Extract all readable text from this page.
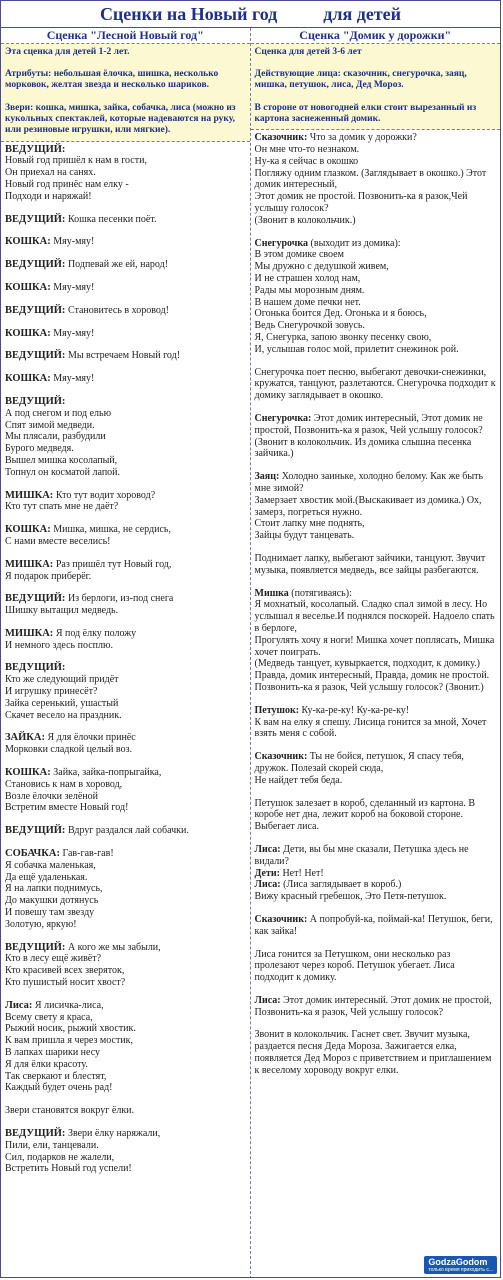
Сценки на Новый год	для детей
Сценка "Лесной Новый год"

Эта сценка для детей 1-2 лет.

Атрибуты: небольшая ёлочка, шишка, несколько морковок, желтая звезда и несколько шариков.

Звери: кошка, мишка, зайка, собачка, лиса (можно из кукольных спектаклей, которые надеваются на руку, или резиновые игрушки, или мягкие).

ВЕДУЩИЙ:
Новый год пришёл к нам в гости,
Он приехал на санях.
Новый год принёс нам елку -
Подходи и наряжай!
ВЕДУЩИЙ: Кошка песенки поёт.
КОШКА: Мяу-мяу!
ВЕДУЩИЙ: Подпевай же ей, народ!
КОШКА: Мяу-мяу!
ВЕДУЩИЙ: Становитесь в хоровод!
КОШКА: Мяу-мяу!
ВЕДУЩИЙ: Мы встречаем Новый год!
КОШКА: Мяу-мяу!
ВЕДУЩИЙ:
А под снегом и под елью
Спят зимой медведи.
Мы плясали, разбудили
Бурого медведя.
Вышел мишка косолапый,
Топнул он косматой лапой.
МИШКА: Кто тут водит хоровод?
Кто тут спать мне не даёт?
КОШКА: Мишка, мишка, не сердись,
С нами вместе веселись!
МИШКА: Раз пришёл тут Новый год,
Я подарок приберёг.
ВЕДУЩИЙ: Из берлоги, из-под снега
Шишку вытащил медведь.
МИШКА: Я под ёлку положу
И немного здесь посплю.
ВЕДУЩИЙ:
Кто же следующий придёт
И игрушку принесёт?
Зайка серенький, ушастый
Скачет весело на праздник.
ЗАЙКА: Я для ёлочки принёс
Морковки сладкой целый воз.
КОШКА: Зайка, зайка-попрыгайка,
Становись к нам в хоровод,
Возле ёлочки зелёной
Встретим вместе Новый год!
ВЕДУЩИЙ: Вдруг раздался лай собачки.
СОБАЧКА: Гав-гав-гав!
Я собачка маленькая,
Да ещё удаленькая.
Я на лапки поднимусь,
До макушки дотянусь
И повешу там звезду
Золотую, яркую!
ВЕДУЩИЙ: А кого же мы забыли,
Кто в лесу ещё живёт?
Кто красивей всех зверяток,
Кто пушистый носит хвост?
Лиса: Я лисичка-лиса,
Всему свету я краса,
Рыжий носик, рыжий хвостик.
К вам пришла я через мостик,
В лапках шарики несу
Я для ёлки красоту.
Так сверкают и блестят,
Каждый будет очень рад!
Звери становятся вокруг ёлки.
ВЕДУЩИЙ: Звери ёлку наряжали,
Пили, ели, танцевали.
Сил, подарков не жалели,
Встретить Новый год успели!
Сценка "Домик у дорожки"

Сценка для детей 3-6 лет

Действующие лица: сказочник, снегурочка, заяц, мишка, петушок, лиса, Дед Мороз.

В стороне от новогодней елки стоит вырезанный из картона заснеженный домик.

Сказочник: Что за домик у дорожки?
Он мне что-то незнаком.
Ну-ка я сейчас в окошко
Погляжу одним глазком. (Заглядывает в окошко.) Этот домик интересный,
Этот домик не простой. Позвонить-ка я разок,Чей услышу голосок?
(Звонит в колокольчик.)
Снегурочка (выходит из домика):
В этом домике своем
Мы дружно с дедушкой живем,
И не страшен холод нам,
Рады мы морозным дням.
В нашем доме печки нет.
Огонька боится Дед. Огонька и я боюсь,
Ведь Снегурочкой зовусь.
Я, Снегурка, запою звонку песенку свою,
И, услышав голос мой, прилетит снежинок рой.
Снегурочка поет песню, выбегают девочки-снежинки, кружатся, танцуют, разлетаются. Снегурочка подходит к домику заглядывает в окошко.
Снегурочка: Этот домик интересный, Этот домик не простой, Позвонить-ка я разок, Чей услышу голосок? (Звонит в колокольчик. Из домика слышна песенка зайчика.)
Заяц: Холодно заиньке, холодно белому. Как же быть мне зимой?
Замерзает хвостик мой.(Выскакивает из домика.) Ох, замерз, погреться нужно.
Стоит лапку мне поднять,
Зайцы будут танцевать.
Поднимает лапку, выбегают зайчики, танцуют. Звучит музыка, появляется медведь, все зайцы разбегаются.
Мишка (потягиваясь):
Я мохнатый, косолапый. Сладко спал зимой в лесу. Но услышал я веселье.И поднялся поскорей. Надоело спать в берлоге,
Прогулять хочу я ноги! Мишка хочет поплясать, Мишка хочет поиграть.
(Медведь танцует, кувыркается, подходит, к домику.) Правда, домик интересный, Правда, домик не простой. Позвонить-ка я разок, Чей услышу голосок? (Звонит.)
Петушок: Ку-ка-ре-ку! Ку-ка-ре-ку!
К вам на елку я спешу. Лисица гонится за мной, Хочет взять меня с собой.
Сказочник: Ты не бойся, петушок, Я спасу тебя, дружок. Полезай скорей сюда,
Не найдет тебя беда.
Петушок залезает в короб, сделанный из картона. В коробе нет дна, лежит короб на боковой стороне. Выбегает лиса.
Лиса: Дети, вы бы мне сказали, Петушка здесь не видали?
Дети: Нет! Нет!
Лиса: (Лиса заглядывает в короб.)
Вижу красный гребешок, Это Петя-петушок.
Сказочник: А попробуй-ка, поймай-ка! Петушок, беги, как зайка!
Лиса гонится за Петушком, они несколько раз пролезают через короб. Петушок убегает. Лиса подходит к домику.
Лиса: Этот домик интересный. Этот домик не простой, Позвонить-ка я разок, Чей услышу голосок?
Звонит в колокольчик. Гаснет свет. Звучит музыка, раздается песня Деда Мороза. Зажигается елка, появляется Дед Мороз с приветствием и приглашением к веселому хороводу вокруг елки.
GodzaGodom
только время приходить с...
